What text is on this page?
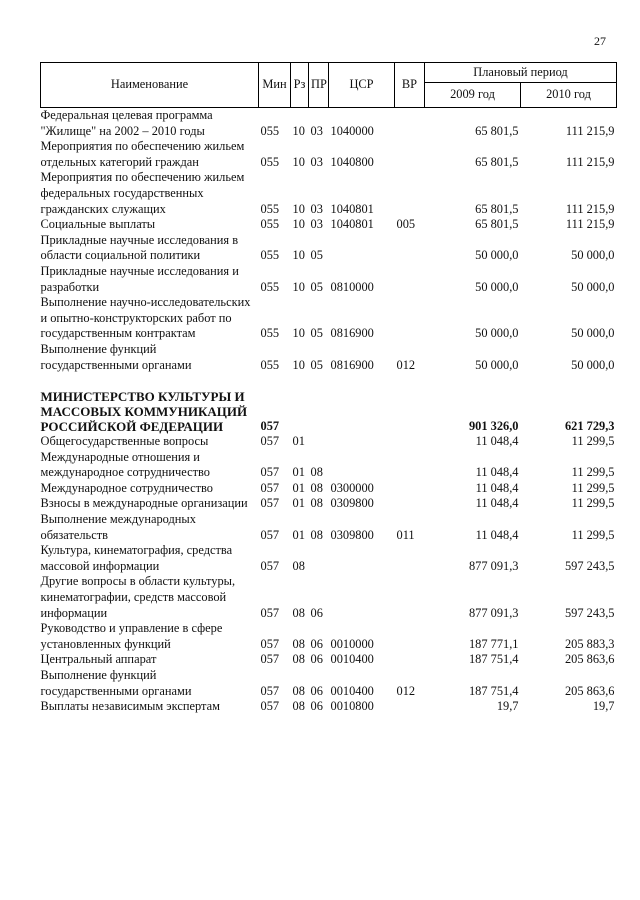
27
Наименование	Мин	Рз	ПР	ЦСР	ВР	Плановый период	
						2009 год	2010 год
Федеральная целевая программа "Жилище" на 2002 – 2010 годы	055	10	03	1040000		65 801,5	111 215,9
Мероприятия по обеспечению жильем отдельных категорий граждан	055	10	03	1040800		65 801,5	111 215,9
Мероприятия по обеспечению жильем федеральных государственных гражданских служащих	055	10	03	1040801		65 801,5	111 215,9
Социальные выплаты	055	10	03	1040801	005	65 801,5	111 215,9
Прикладные научные исследования в области социальной политики	055	10	05			50 000,0	50 000,0
Прикладные научные исследования и разработки	055	10	05	0810000		50 000,0	50 000,0
Выполнение научно-исследовательских и опытно-конструкторских работ по государственным контрактам	055	10	05	0816900		50 000,0	50 000,0
Выполнение функций государственными органами	055	10	05	0816900	012	50 000,0	50 000,0

МИНИСТЕРСТВО КУЛЬТУРЫ И МАССОВЫХ КОММУНИКАЦИЙ РОССИЙСКОЙ ФЕДЕРАЦИИ	057					901 326,0	621 729,3
Общегосударственные вопросы	057	01				11 048,4	11 299,5
Международные отношения и международное сотрудничество	057	01	08			11 048,4	11 299,5
Международное сотрудничество	057	01	08	0300000		11 048,4	11 299,5
Взносы в международные организации	057	01	08	0309800		11 048,4	11 299,5
Выполнение международных обязательств	057	01	08	0309800	011	11 048,4	11 299,5
Культура, кинематография, средства массовой информации	057	08				877 091,3	597 243,5
Другие вопросы в области культуры, кинематографии, средств массовой информации	057	08	06			877 091,3	597 243,5
Руководство и управление в сфере установленных функций	057	08	06	0010000		187 771,1	205 883,3
Центральный аппарат	057	08	06	0010400		187 751,4	205 863,6
Выполнение функций государственными органами	057	08	06	0010400	012	187 751,4	205 863,6
Выплаты независимым экспертам	057	08	06	0010800		19,7	19,7
